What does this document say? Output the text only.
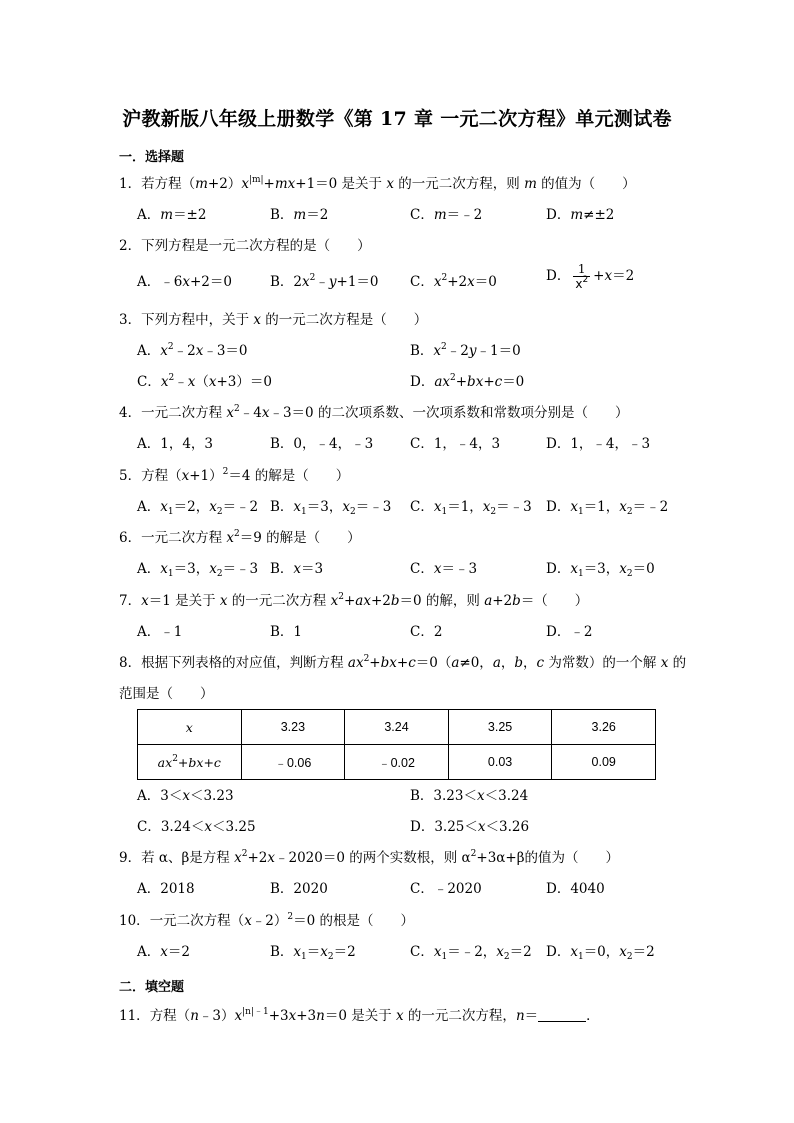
沪教新版八年级上册数学《第 17 章 一元二次方程》单元测试卷
一．选择题
1．若方程$(m+2)x^{|m|}+mx+1=0$ 是关于 x 的一元二次方程，则 m 的值为（　　）
A．m＝±2	B．m＝2	C．m＝﹣2	D．m≠±2
2．下列方程是一元二次方程的是（　　）
A．﹣6x+2＝0	B．$2x^2﹣y+1=0$ C．$x^2+2x=0$	D． $\frac{1}{x^2} +x=2$
3．下列方程中，关于 x 的一元二次方程是（　　）
A．$x^2﹣2x﹣3=0$	B．$x^2﹣2y﹣1=0$
C．$x^2﹣x(x+3)=0$	D．$ax^2+bx+c=0$
4．一元二次方程 $x^2﹣4x﹣3=0$ 的二次项系数、一次项系数和常数项分别是（　　）
A．1，4，3	B．0，﹣4，﹣3	C．1，﹣4，3	D．1，﹣4，﹣3
5．方程$(x+1)^2=4$ 的解是（　　）
A．$x_1=2$，$x_2=﹣2$ B．$x_1=3$，$x_2=﹣3$ C．$x_1=1$，$x_2=﹣3$ D．$x_1=1$，$x_2=﹣2$
6．一元二次方程 $x^2=9$ 的解是（　　）
A．$x_1=3$，$x_2=﹣3$ B．x＝3	C．x＝﹣3	D．$x_1=3$，$x_2=0$
7．x＝1 是关于 x 的一元二次方程 $x^2+ax+2b=0$ 的解，则 a+2b＝（　　）
A．﹣1	B．1	C．2	D．﹣2
8．根据下列表格的对应值，判断方程 $ax^2+bx+c=0(a\ne 0$，a，b，c 为常数）的一个解 x 的
范围是（　　）
x	3.23	3.24	3.25	3.26
$ax^2+bx+c$	﹣0.06	﹣0.02	0.03	0.09
A．3＜x＜3.23	B．3.23＜x＜3.24
C．3.24＜x＜3.25	D．3.25＜x＜3.26
9．若 α、β是方程 $x^2+2x﹣2020=0$ 的两个实数根，则 $\alpha^2+3\alpha+\beta$的值为（　　）
A．2018	B．2020	C．﹣2020	D．4040
10．一元二次方程（x﹣2）$^2$＝0 的根是（　　）
A．x＝2	B．$x_1=x_2=2$	C．$x_1=﹣2$，$x_2=2$ D．$x_1=0$，$x_2=2$
二．填空题
11．方程$(n﹣3)x^{|n|﹣1}+3x+3n=0$ 是关于 x 的一元二次方程，n＝	．
